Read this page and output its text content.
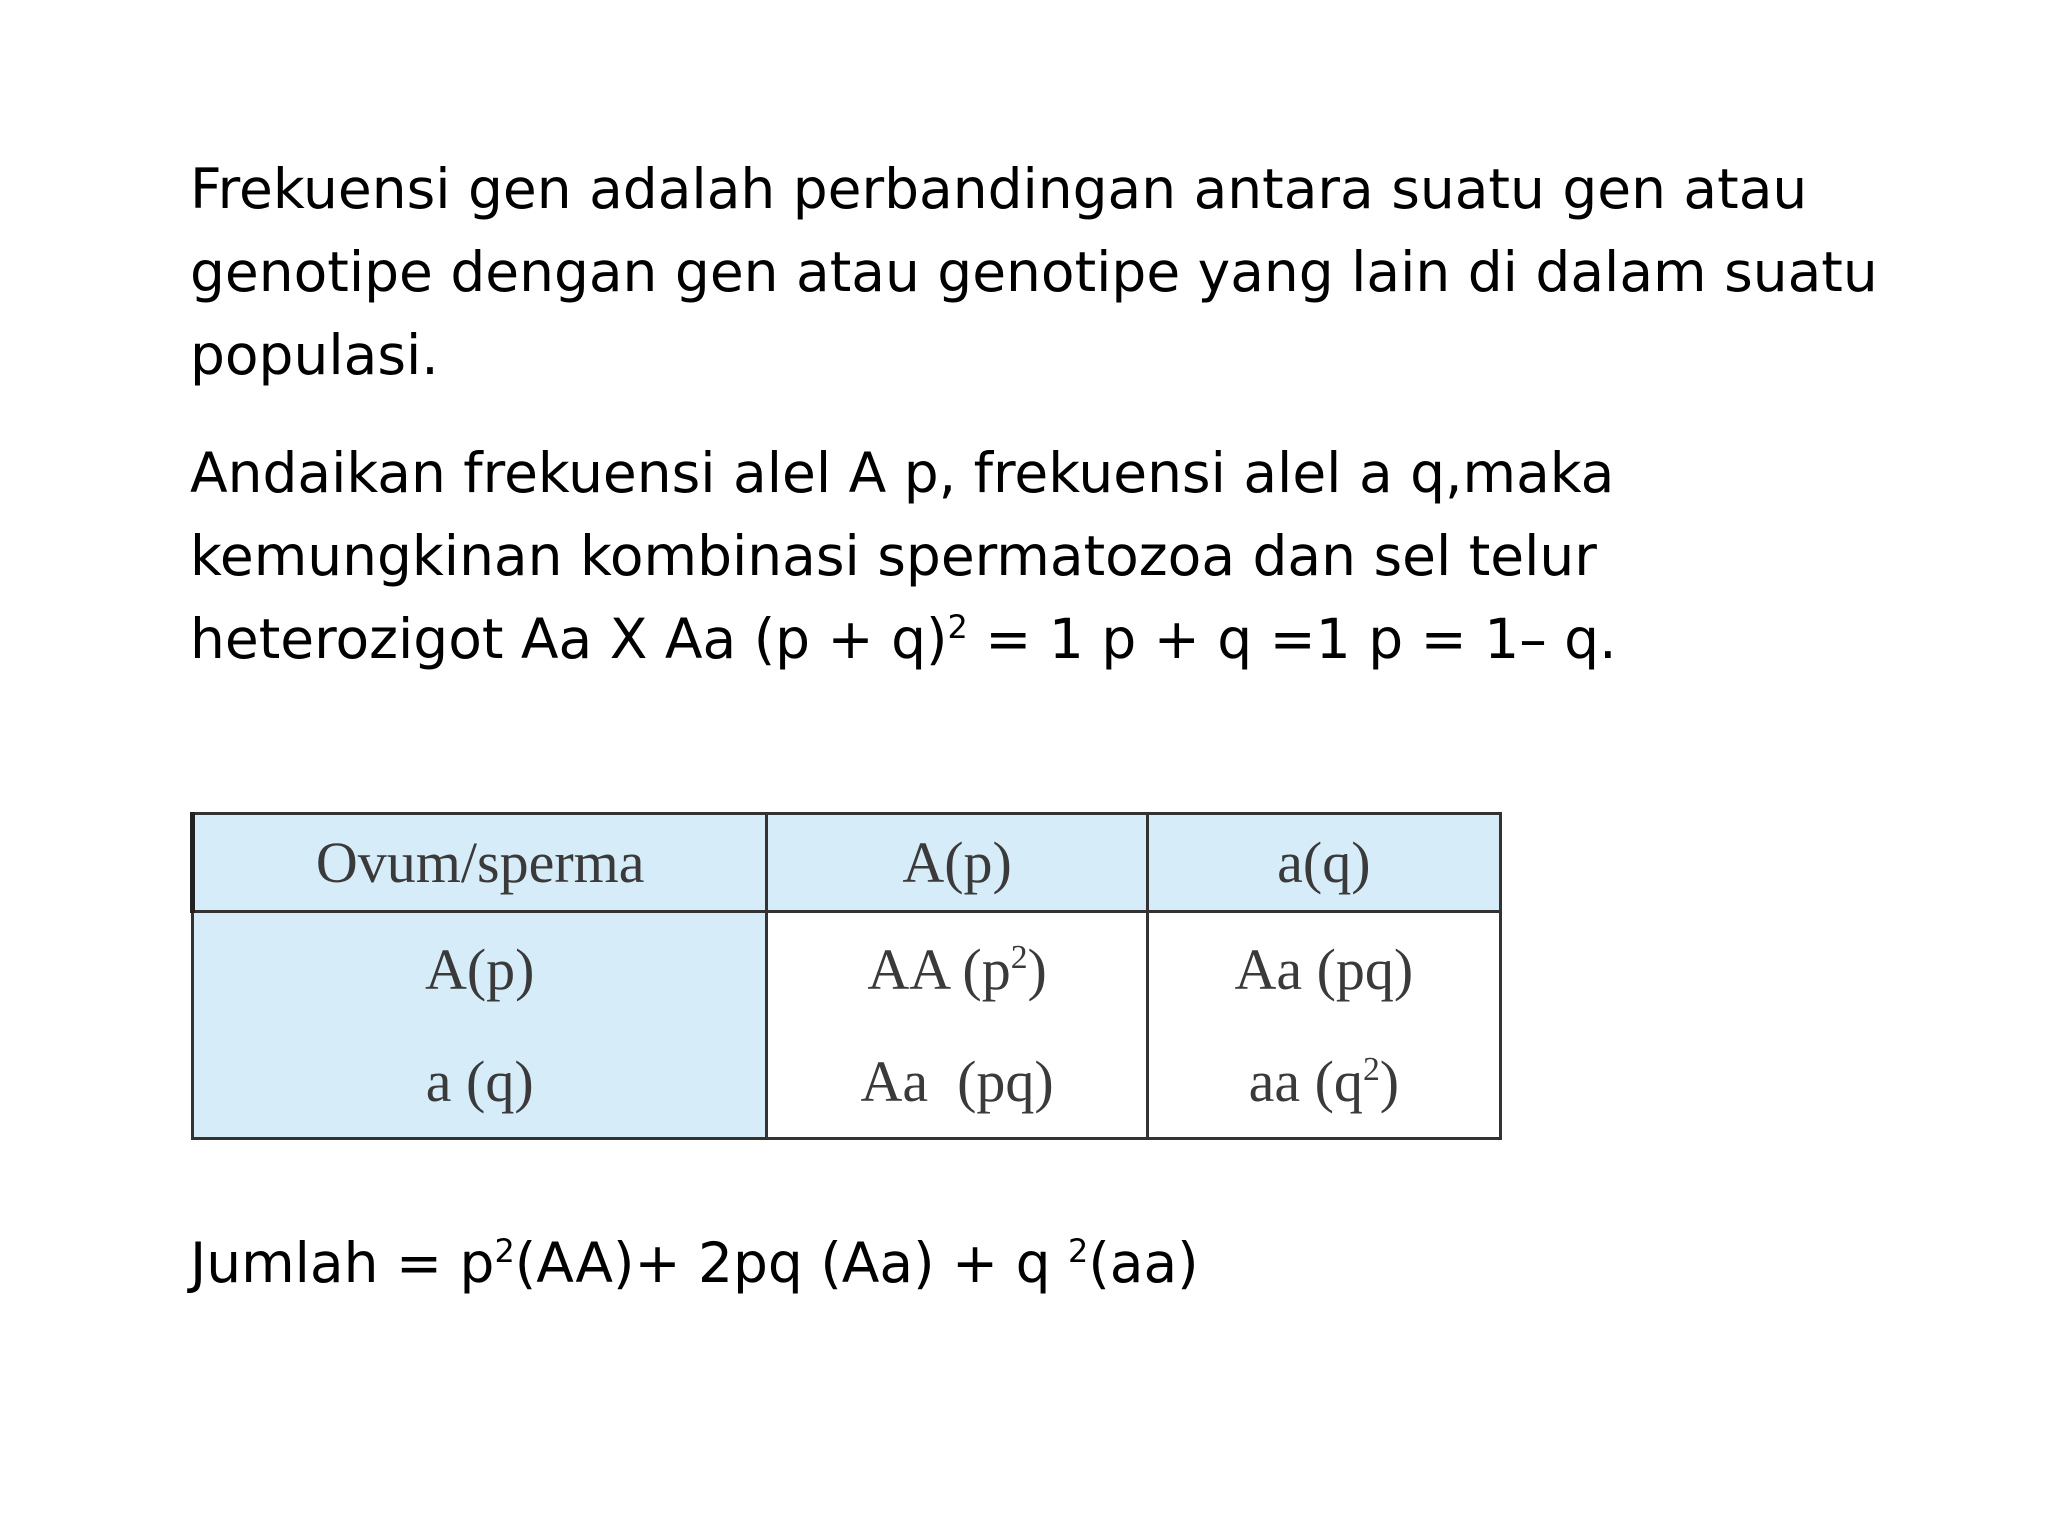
Frekuensi gen adalah perbandingan antara suatu gen atau
genotipe dengan gen atau genotipe yang lain di dalam suatu
populasi.
Andaikan frekuensi alel A p, frekuensi alel a q,maka
kemungkinan kombinasi spermatozoa dan sel telur
heterozigot Aa X Aa $(p + q)^2 = 1$ p + q =1 p = 1– q.
Ovum/sperma	A(p)	a(q)
A(p)	AA $(p^2)$	Aa (pq)
a (q)	Aa  (pq)	aa $(q^2)$
Jumlah = $p^2(AA)+ 2pq$ (Aa) + q $^2$(aa)
